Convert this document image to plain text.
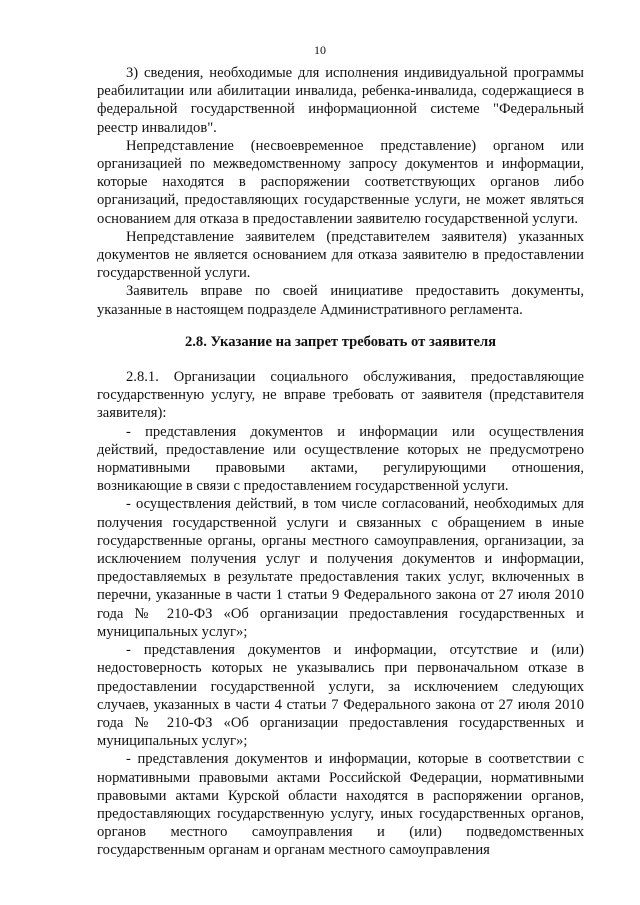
10

3) сведения, необходимые для исполнения индивидуальной программы реабилитации или абилитации инвалида, ребенка-инвалида, содержащиеся в федеральной государственной информационной системе "Федеральный реестр инвалидов".

Непредставление (несвоевременное представление) органом или организацией по межведомственному запросу документов и информации, которые находятся в распоряжении соответствующих органов либо организаций, предоставляющих государственные услуги, не может являться основанием для отказа в предоставлении заявителю государственной услуги.

Непредставление заявителем (представителем заявителя) указанных документов не является основанием для отказа заявителю в предоставлении государственной услуги.

Заявитель вправе по своей инициативе предоставить документы, указанные в настоящем подразделе Административного регламента.

2.8. Указание на запрет требовать от заявителя

2.8.1. Организации социального обслуживания, предоставляющие государственную услугу, не вправе требовать от заявителя (представителя заявителя):

- представления документов и информации или осуществления действий, предоставление или осуществление которых не предусмотрено нормативными правовыми актами, регулирующими отношения, возникающие в связи с предоставлением государственной услуги.

- осуществления действий, в том числе согласований, необходимых для получения государственной услуги и связанных с обращением в иные государственные органы, органы местного самоуправления, организации, за исключением получения услуг и получения документов и информации, предоставляемых в результате предоставления таких услуг, включенных в перечни, указанные в части 1 статьи 9 Федерального закона от 27 июля 2010 года № 210-ФЗ «Об организации предоставления государственных и муниципальных услуг»;

- представления документов и информации, отсутствие и (или) недостоверность которых не указывались при первоначальном отказе в предоставлении государственной услуги, за исключением следующих случаев, указанных в части 4 статьи 7 Федерального закона от 27 июля 2010 года № 210-ФЗ «Об организации предоставления государственных и муниципальных услуг»;

- представления документов и информации, которые в соответствии с нормативными правовыми актами Российской Федерации, нормативными правовыми актами Курской области находятся в распоряжении органов, предоставляющих государственную услугу, иных государственных органов, органов местного самоуправления и (или) подведомственных государственным органам и органам местного самоуправления
